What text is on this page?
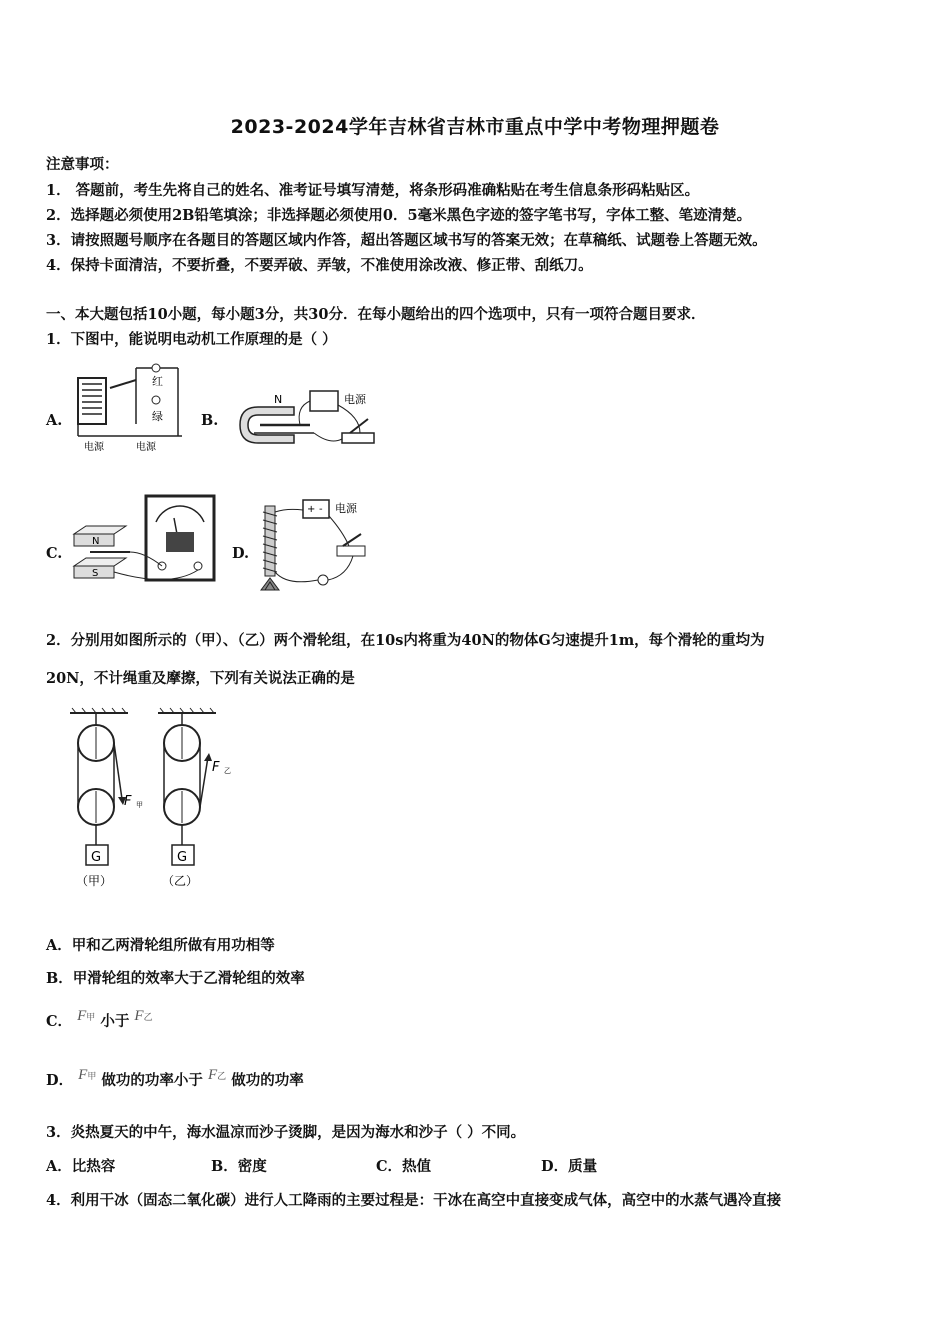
2023-2024学年吉林省吉林市重点中学中考物理押题卷
注意事项：
1． 答题前，考生先将自己的姓名、准考证号填写清楚，将条形码准确粘贴在考生信息条形码粘贴区。
2．选择题必须使用2B铅笔填涂；非选择题必须使用0．5毫米黑色字迹的签字笔书写，字体工整、笔迹清楚。
3．请按照题号顺序在各题目的答题区域内作答，超出答题区域书写的答案无效；在草稿纸、试题卷上答题无效。
4．保持卡面清洁，不要折叠，不要弄破、弄皱，不准使用涂改液、修正带、刮纸刀。
一、本大题包括10小题，每小题3分，共30分．在每小题给出的四个选项中，只有一项符合题目要求．
1．下图中，能说明电动机工作原理的是（ ）
A.
红
绿
电源	电源
B.
N	电源
C.
N
S
D.
+ - 电源
2．分别用如图所示的（甲）、（乙）两个滑轮组，在10s内将重为40N的物体G匀速提升1m，每个滑轮的重均为
20N，不计绳重及摩擦，下列有关说法正确的是
F 甲
G
（甲）
F 乙
G
（乙）
A．甲和乙两滑轮组所做有用功相等
B．甲滑轮组的效率大于乙滑轮组的效率
C． F甲 小于 F乙
D． F甲 做功的功率小于 F乙 做功的功率
3．炎热夏天的中午，海水温凉而沙子烫脚，是因为海水和沙子（ ）不同。
A．比热容	B．密度	C．热值	D．质量
4．利用干冰（固态二氧化碳）进行人工降雨的主要过程是：干冰在高空中直接变成气体，高空中的水蒸气遇冷直接
